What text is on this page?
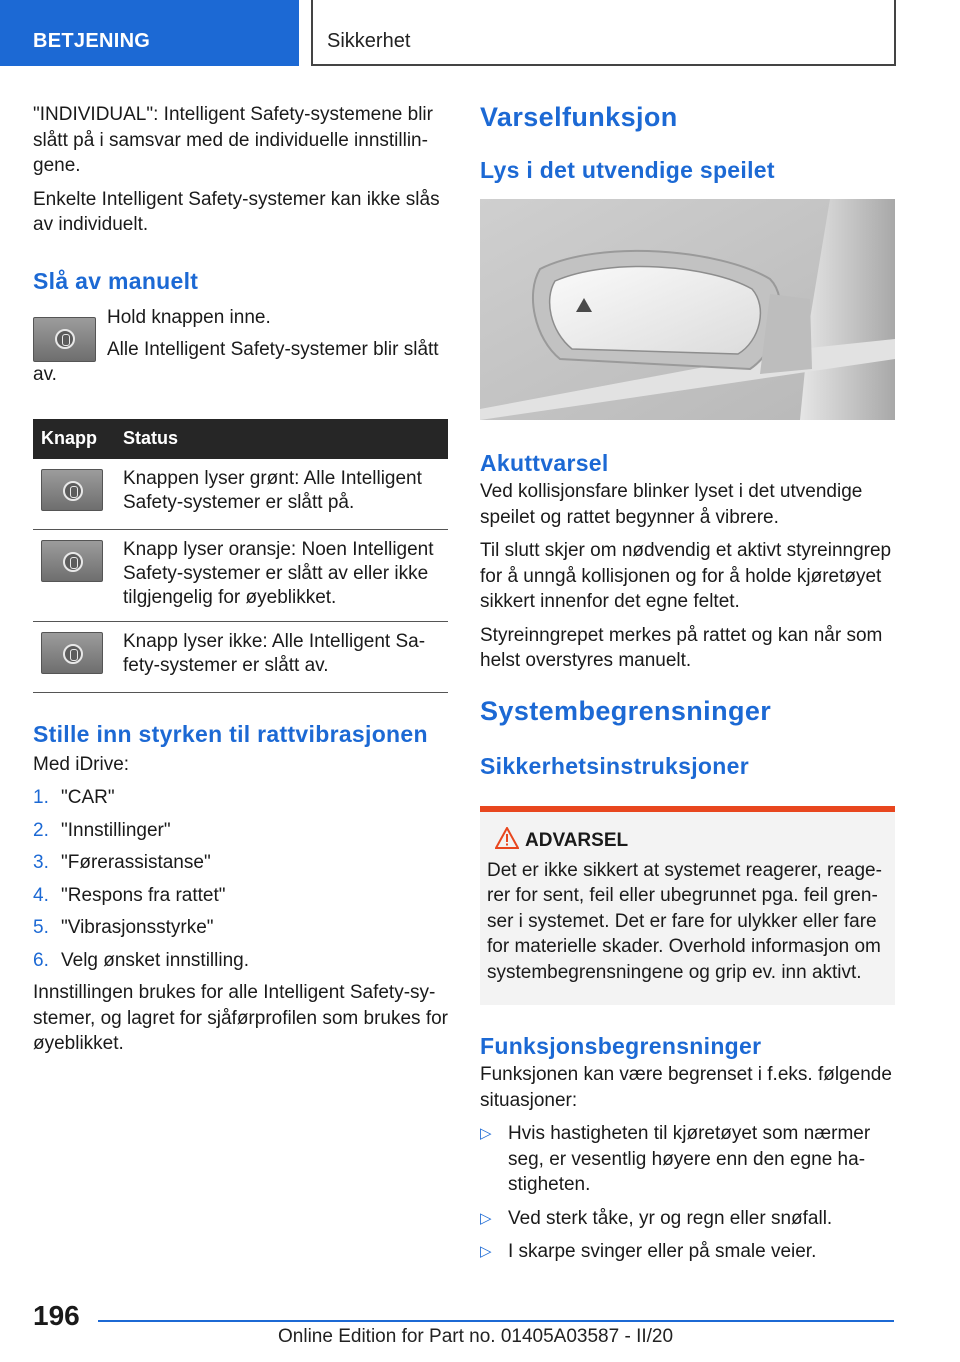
BETJENING	Sikkerhet

"INDIVIDUAL": Intelligent Safety-systemene blir slått på i samsvar med de individuelle innstillingene.

Enkelte Intelligent Safety-systemer kan ikke slås av individuelt.

Slå av manuelt
Hold knappen inne.
Alle Intelligent Safety-systemer blir slått
av.
Knapp	Status

	Knappen lyser grønt: Alle Intelligent Safety-systemer er slått på.

	Knapp lyser oransje: Noen Intelligent Safety-systemer er slått av eller ikke tilgjengelig for øyeblikket.

	Knapp lyser ikke: Alle Intelligent Safety-systemer er slått av.
Stille inn styrken til rattvibrasjonen

Med iDrive:

1. "CAR"
2. "Innstillinger"
3. "Førerassistanse"
4. "Respons fra rattet"
5. "Vibrasjonsstyrke"
6. Velg ønsket innstilling.

Innstillingen brukes for alle Intelligent Safety-systemer, og lagret for sjåførprofilen som brukes for øyeblikket.

Varselfunksjon
Lys i det utvendige speilet
Akuttvarsel

Ved kollisjonsfare blinker lyset i det utvendige speilet og rattet begynner å vibrere.

Til slutt skjer om nødvendig et aktivt styreinngrep for å unngå kollisjonen og for å holde kjøretøyet sikkert innenfor det egne feltet.

Styreinngrepet merkes på rattet og kan når som helst overstyres manuelt.

Systembegrensninger
Sikkerhetsinstruksjoner
ADVARSEL

Det er ikke sikkert at systemet reagerer, reagerer for sent, feil eller ubegrunnet pga. feil grenser i systemet. Det er fare for ulykker eller fare for materielle skader. Overhold informasjon om systembegrensningene og grip ev. inn aktivt.

Funksjonsbegrensninger

Funksjonen kan være begrenset i f.eks. følgende situasjoner:

▷ Hvis hastigheten til kjøretøyet som nærmer seg, er vesentlig høyere enn den egne hastigheten.
▷ Ved sterk tåke, yr og regn eller snøfall.
▷ I skarpe svinger eller på smale veier.
196
Online Edition for Part no. 01405A03587 - II/20
